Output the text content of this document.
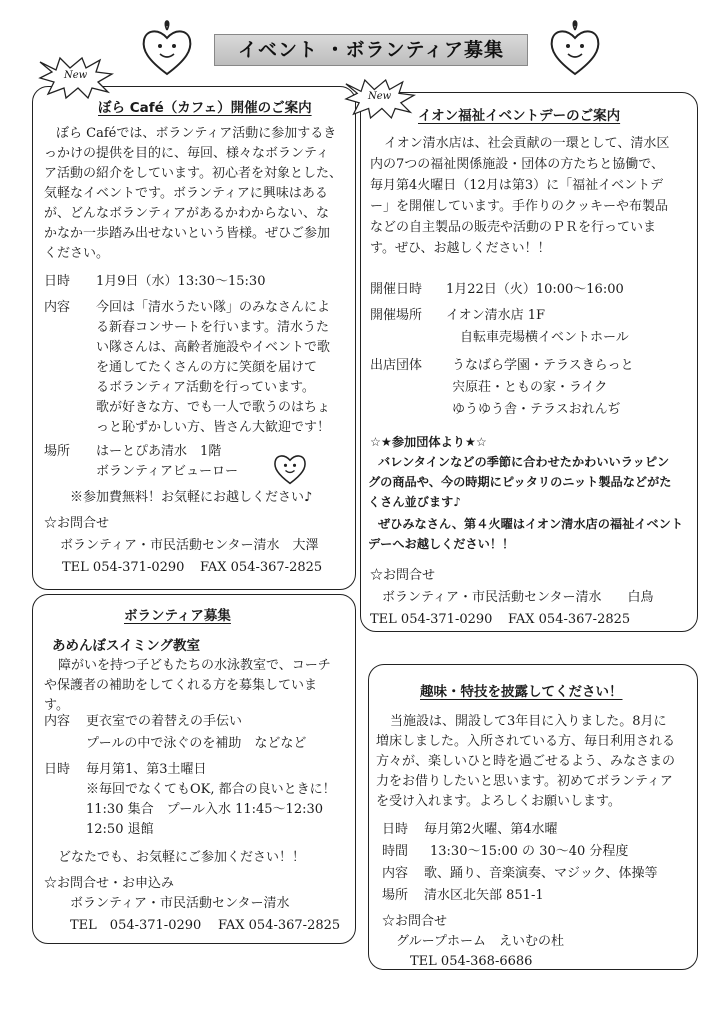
イベント ・ボランティア募集
New
ぼら Café（カフェ）開催のご案内
ぼら Caféでは、ボランティア活動に参加するき
っかけの提供を目的に、毎回、様々なボランティ
ア活動の紹介をしています。初心者を対象とした、
気軽なイベントです。ボランティアに興味はある
が、どんなボランティアがあるかわからない、な
かなか一歩踏み出せないという皆様。ぜひご参加
ください。
日時 1月9日（水）13:30〜15:30
内容 今回は「清水うたい隊」のみなさんによ
る新春コンサートを行います。清水うた
い隊さんは、高齢者施設やイベントで歌
を通してたくさんの方に笑顔を届けて
るボランティア活動を行っています。
歌が好きな方、でも一人で歌うのはちょ
っと恥ずかしい方、皆さん大歓迎です！
場所 はーとぴあ清水　1階
ボランティアビューロー
※参加費無料！お気軽にお越しください♪
☆お問合せ
ボランティア・市民活動センター清水　大澤
TEL 054-371-0290 FAX 054-367-2825
New
イオン福祉イベントデーのご案内
イオン清水店は、社会貢献の一環として、清水区
内の7つの福祉関係施設・団体の方たちと協働で、
毎月第4火曜日（12月は第3）に「福祉イベントデ
ー」を開催しています。手作りのクッキーや布製品
などの自主製品の販売や活動のＰＲを行っていま
す。ぜひ、お越しください！！
開催日時 1月22日（火）10:00〜16:00
開催場所 イオン清水店 1F
自転車売場横イベントホール
出店団体 うなばら学園・テラスきらっと
宍原荘・ともの家・ライク
ゆうゆう舎・テラスおれんぢ
☆★参加団体より★☆
バレンタインなどの季節に合わせたかわいいラッピン
グの商品や、今の時期にピッタリのニット製品などがた
くさん並びます♪
ぜひみなさん、第４火曜はイオン清水店の福祉イベント
デーへお越しください！！
☆お問合せ
ボランティア・市民活動センター清水　　白鳥
TEL 054-371-0290 FAX 054-367-2825
ボランティア募集
あめんぼスイミング教室
障がいを持つ子どもたちの水泳教室で、コーチ
や保護者の補助をしてくれる方を募集していま
す。
内容 更衣室での着替えの手伝い
プールの中で泳ぐのを補助　などなど
日時 毎月第1、第3土曜日
※毎回でなくてもOK, 都合の良いときに！
11:30 集合　プール入水 11:45〜12:30
12:50 退館
どなたでも、お気軽にご参加ください！！
☆お問合せ・お申込み
ボランティア・市民活動センター清水
TEL　054-371-0290 FAX 054-367-2825
趣味・特技を披露してください！
当施設は、開設して3年目に入りました。8月に
増床しました。入所されている方、毎日利用される
方々が、楽しいひと時を過ごせるよう、みなさまの
力をお借りしたいと思います。初めてボランティア
を受け入れます。よろしくお願いします。
日時 毎月第2火曜、第4水曜
時間 13:30〜15:00 の 30〜40 分程度
内容 歌、踊り、音楽演奏、マジック、体操等
場所 清水区北矢部 851-1
☆お問合せ
グループホーム　えいむの杜
TEL 054-368-6686
